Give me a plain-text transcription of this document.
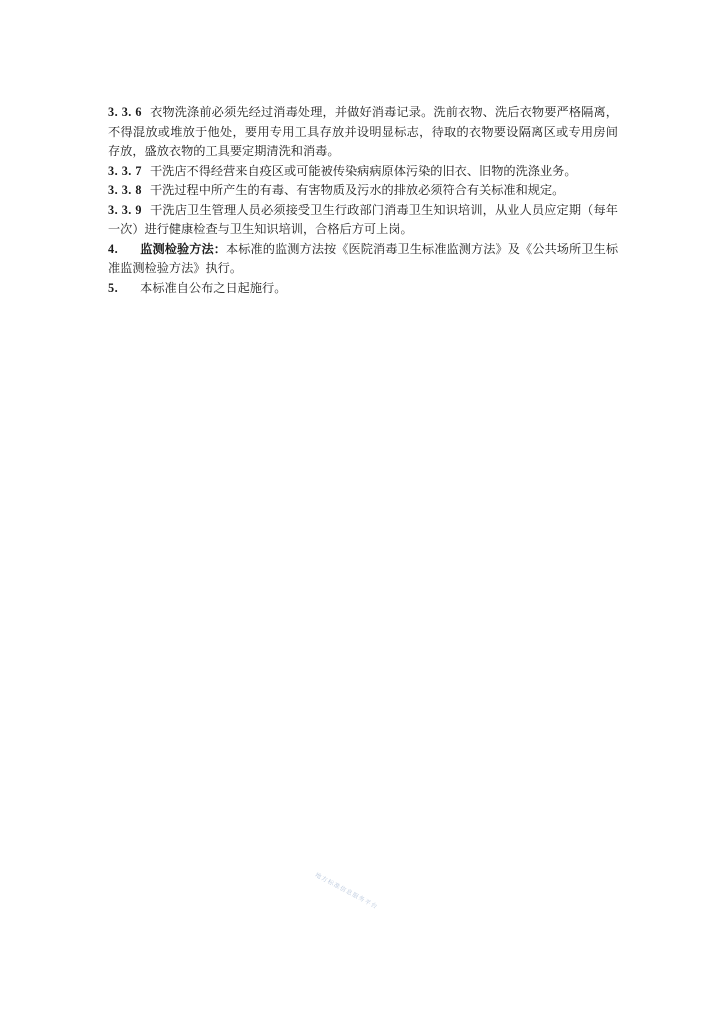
3. 3. 6 衣物洗涤前必须先经过消毒处理，并做好消毒记录。洗前衣物、洗后衣物要严格隔离，不得混放或堆放于他处，要用专用工具存放并设明显标志，待取的衣物要设隔离区或专用房间存放，盛放衣物的工具要定期清洗和消毒。

3. 3. 7 干洗店不得经营来自疫区或可能被传染病病原体污染的旧衣、旧物的洗涤业务。

3. 3. 8 干洗过程中所产生的有毒、有害物质及污水的排放必须符合有关标准和规定。

3. 3. 9 干洗店卫生管理人员必须接受卫生行政部门消毒卫生知识培训，从业人员应定期（每年一次）进行健康检查与卫生知识培训，合格后方可上岗。

4. 监测检验方法：本标准的监测方法按《医院消毒卫生标准监测方法》及《公共场所卫生标准监测检验方法》执行。

5. 本标准自公布之日起施行。

地方标准信息服务平台
